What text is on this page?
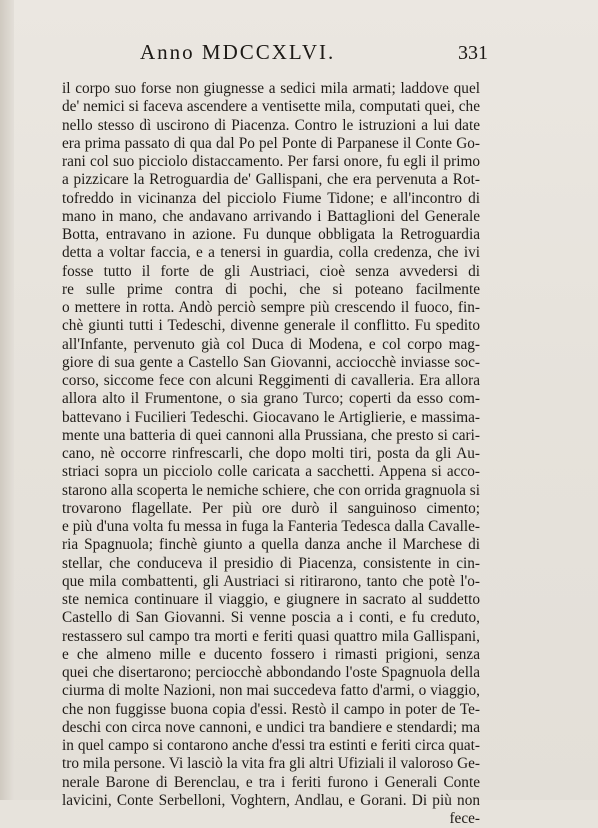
Anno MDCCXLVI.	331
il corpo suo forse non giugnesse a sedici mila armati; laddove quel
de' nemici si faceva ascendere a ventisette mila, computati quei, che
nello stesso dì uscirono di Piacenza. Contro le istruzioni a lui date
era prima passato di qua dal Po pel Ponte di Parpanese il Conte Go-
rani col suo picciolo distaccamento. Per farsi onore, fu egli il primo
a pizzicare la Retroguardia de' Gallispani, che era pervenuta a Rot-
tofreddo in vicinanza del picciolo Fiume Tidone; e all'incontro di
mano in mano, che andavano arrivando i Battaglioni del Generale
Botta, entravano in azione. Fu dunque obbligata la Retroguardia
detta a voltar faccia, e a tenersi in guardia, colla credenza, che ivi
fosse tutto il forte de gli Austriaci, cioè senza avvedersi di
re sulle prime contra di pochi, che si poteano facilmente
o mettere in rotta. Andò perciò sempre più crescendo il fuoco, fin-
chè giunti tutti i Tedeschi, divenne generale il conflitto. Fu spedito
all'Infante, pervenuto già col Duca di Modena, e col corpo mag-
giore di sua gente a Castello San Giovanni, acciocchè inviasse soc-
corso, siccome fece con alcuni Reggimenti di cavalleria. Era allora
allora alto il Frumentone, o sia grano Turco; coperti da esso com-
battevano i Fucilieri Tedeschi. Giocavano le Artiglierie, e massima-
mente una batteria di quei cannoni alla Prussiana, che presto si cari-
cano, nè occorre rinfrescarli, che dopo molti tiri, posta da gli Au-
striaci sopra un picciolo colle caricata a sacchetti. Appena si acco-
starono alla scoperta le nemiche schiere, che con orrida gragnuola si
trovarono flagellate. Per più ore durò il sanguinoso cimento;
e più d'una volta fu messa in fuga la Fanteria Tedesca dalla Cavalle-
ria Spagnuola; finchè giunto a quella danza anche il Marchese di
stellar, che conduceva il presidio di Piacenza, consistente in cin-
que mila combattenti, gli Austriaci si ritirarono, tanto che potè l'o-
ste nemica continuare il viaggio, e giugnere in sacrato al suddetto
Castello di San Giovanni. Si venne poscia a i conti, e fu creduto,
restassero sul campo tra morti e feriti quasi quattro mila Gallispani,
e che almeno mille e ducento fossero i rimasti prigioni, senza
quei che disertarono; perciocchè abbondando l'oste Spagnuola della
ciurma di molte Nazioni, non mai succedeva fatto d'armi, o viaggio,
che non fuggisse buona copia d'essi. Restò il campo in poter de Te-
deschi con circa nove cannoni, e undici tra bandiere e stendardi; ma
in quel campo si contarono anche d'essi tra estinti e feriti circa quat-
tro mila persone. Vi lasciò la vita fra gli altri Ufiziali il valoroso Ge-
nerale Barone di Berenclau, e tra i feriti furono i Generali Conte
lavicini, Conte Serbelloni, Voghtern, Andlau, e Gorani. Di più non
fece-
